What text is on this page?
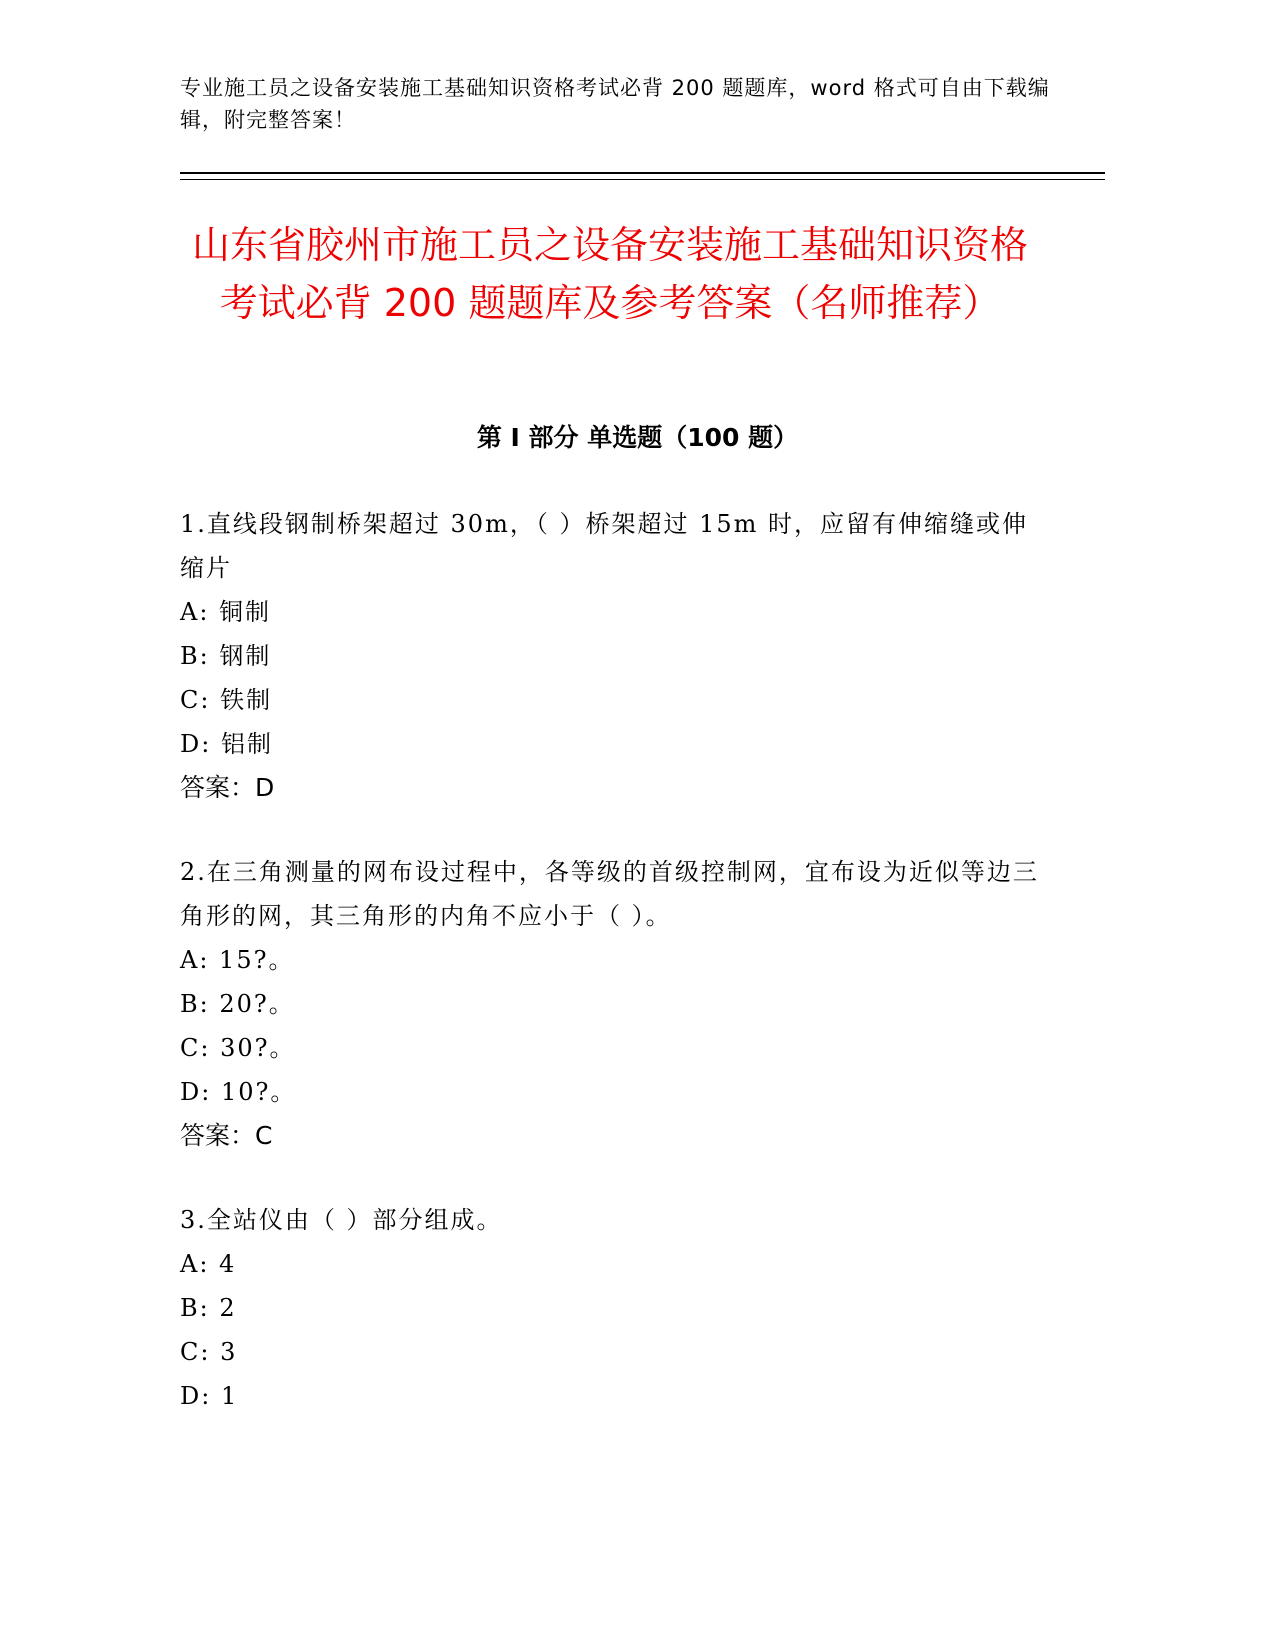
专业施工员之设备安装施工基础知识资格考试必背 200 题题库，word 格式可自由下载编辑，附完整答案！
山东省胶州市施工员之设备安装施工基础知识资格考试必背 200 题题库及参考答案（名师推荐）
第 I 部分 单选题（100 题）
1.直线段钢制桥架超过 30m，（ ）桥架超过 15m 时，应留有伸缩缝或伸缩片
A: 铜制
B: 钢制
C: 铁制
D: 铝制
答案：D
2.在三角测量的网布设过程中，各等级的首级控制网，宜布设为近似等边三角形的网，其三角形的内角不应小于（ ）。
A: 15?。
B: 20?。
C: 30?。
D: 10?。
答案：C
3.全站仪由（ ）部分组成。
A: 4
B: 2
C: 3
D: 1
